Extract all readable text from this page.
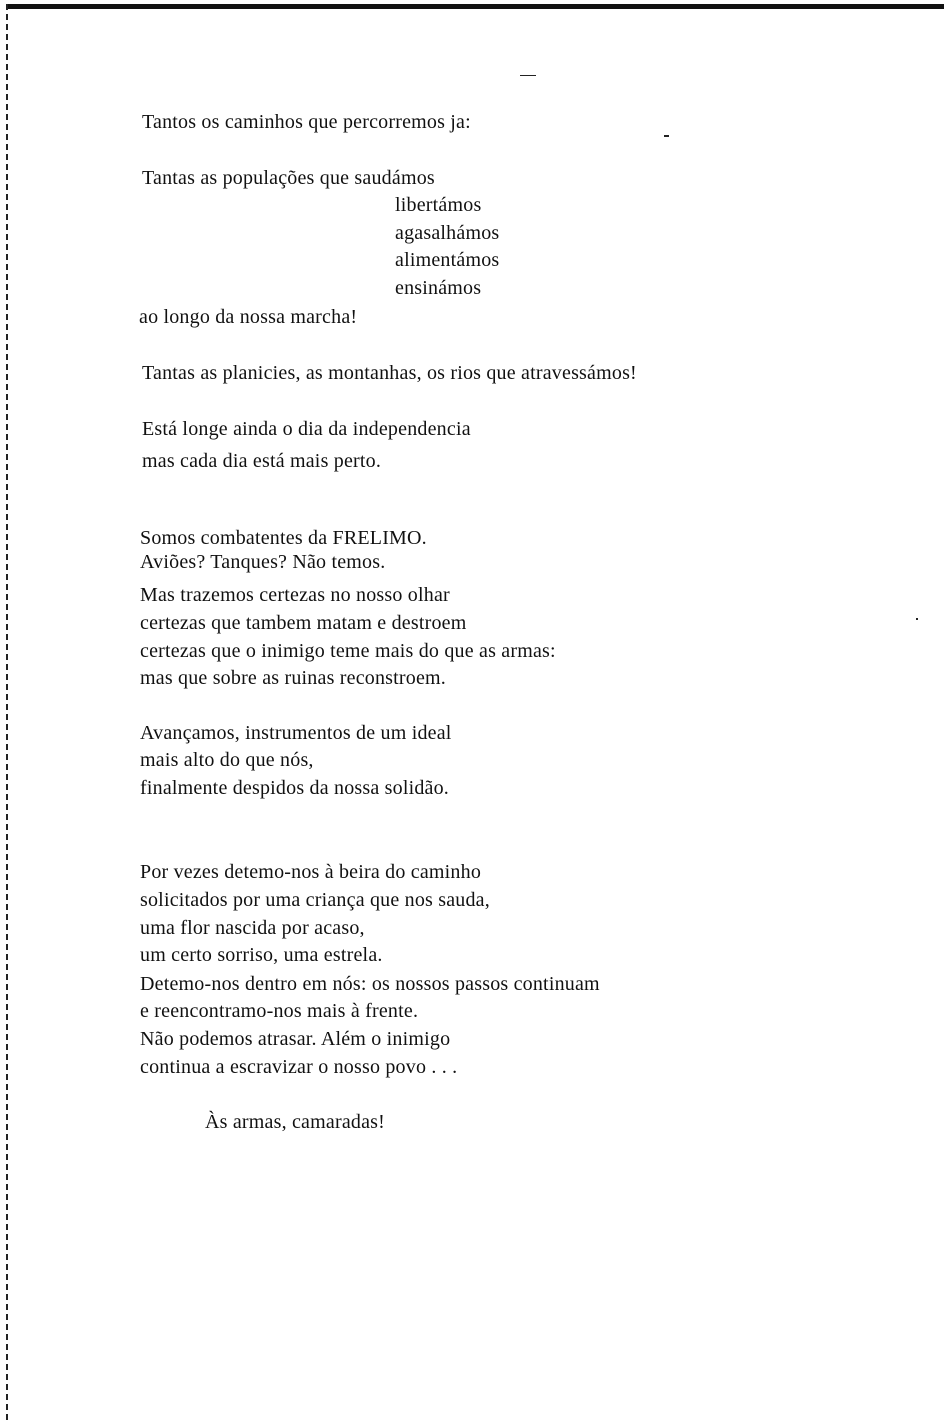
Tantos os caminhos que percorremos ja:
Tantas as populações que saudámos
libertámos
agasalhámos
alimentámos
ensinámos
ao longo da nossa marcha!
Tantas as planicies, as montanhas, os rios que atravessámos!
Está longe ainda o dia da independencia
mas cada dia está mais perto.
Somos combatentes da FRELIMO.
Aviões? Tanques? Não temos.
Mas trazemos certezas no nosso olhar
certezas que tambem matam e destroem
certezas que o inimigo teme mais do que as armas:
mas que sobre as ruinas reconstroem.
Avançamos, instrumentos de um ideal
mais alto do que nós,
finalmente despidos da nossa solidão.
Por vezes detemo-nos à beira do caminho
solicitados por uma criança que nos sauda,
uma flor nascida por acaso,
um certo sorriso, uma estrela.
Detemo-nos dentro em nós: os nossos passos continuam
e reencontramo-nos mais à frente.
Não podemos atrasar. Além o inimigo
continua a escravizar o nosso povo . . .
Às armas, camaradas!
